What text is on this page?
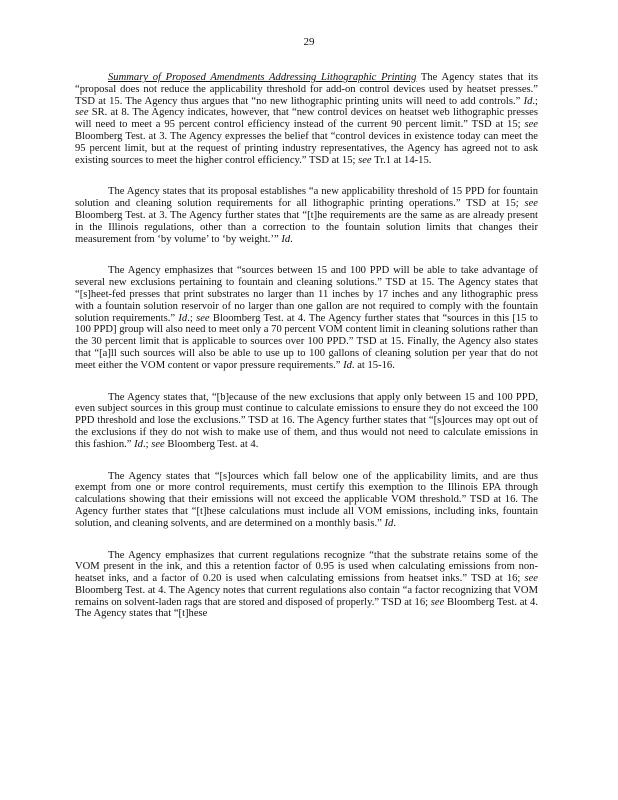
29

Summary of Proposed Amendments Addressing Lithographic Printing The Agency states that its “proposal does not reduce the applicability threshold for add-on control devices used by heatset presses.” TSD at 15. The Agency thus argues that “no new lithographic printing units will need to add controls.” Id.; see SR. at 8. The Agency indicates, however, that “new control devices on heatset web lithographic presses will need to meet a 95 percent control efficiency instead of the current 90 percent limit.” TSD at 15; see Bloomberg Test. at 3. The Agency expresses the belief that “control devices in existence today can meet the 95 percent limit, but at the request of printing industry representatives, the Agency has agreed not to ask existing sources to meet the higher control efficiency.” TSD at 15; see Tr.1 at 14-15.

The Agency states that its proposal establishes “a new applicability threshold of 15 PPD for fountain solution and cleaning solution requirements for all lithographic printing operations.” TSD at 15; see Bloomberg Test. at 3. The Agency further states that “[t]he requirements are the same as are already present in the Illinois regulations, other than a correction to the fountain solution limits that changes their measurement from ‘by volume’ to ‘by weight.’” Id.

The Agency emphasizes that “sources between 15 and 100 PPD will be able to take advantage of several new exclusions pertaining to fountain and cleaning solutions.” TSD at 15. The Agency states that “[s]heet-fed presses that print substrates no larger than 11 inches by 17 inches and any lithographic press with a fountain solution reservoir of no larger than one gallon are not required to comply with the fountain solution requirements.” Id.; see Bloomberg Test. at 4. The Agency further states that “sources in this [15 to 100 PPD] group will also need to meet only a 70 percent VOM content limit in cleaning solutions rather than the 30 percent limit that is applicable to sources over 100 PPD.” TSD at 15. Finally, the Agency also states that “[a]ll such sources will also be able to use up to 100 gallons of cleaning solution per year that do not meet either the VOM content or vapor pressure requirements.” Id. at 15-16.

The Agency states that, “[b]ecause of the new exclusions that apply only between 15 and 100 PPD, even subject sources in this group must continue to calculate emissions to ensure they do not exceed the 100 PPD threshold and lose the exclusions.” TSD at 16. The Agency further states that “[s]ources may opt out of the exclusions if they do not wish to make use of them, and thus would not need to calculate emissions in this fashion.” Id.; see Bloomberg Test. at 4.

The Agency states that “[s]ources which fall below one of the applicability limits, and are thus exempt from one or more control requirements, must certify this exemption to the Illinois EPA through calculations showing that their emissions will not exceed the applicable VOM threshold.” TSD at 16. The Agency further states that “[t]hese calculations must include all VOM emissions, including inks, fountain solution, and cleaning solvents, and are determined on a monthly basis.” Id.

The Agency emphasizes that current regulations recognize “that the substrate retains some of the VOM present in the ink, and this a retention factor of 0.95 is used when calculating emissions from non-heatset inks, and a factor of 0.20 is used when calculating emissions from heatset inks.” TSD at 16; see Bloomberg Test. at 4. The Agency notes that current regulations also contain “a factor recognizing that VOM remains on solvent-laden rags that are stored and disposed of properly.” TSD at 16; see Bloomberg Test. at 4. The Agency states that “[t]hese
